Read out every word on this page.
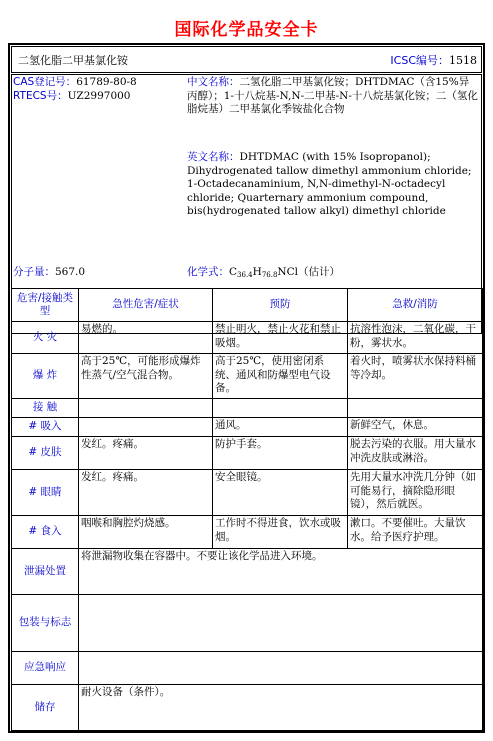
国际化学品安全卡
二氢化脂二甲基氯化铵	ICSC编号：1518
CAS登记号：61789-80-8
RTECS号：UZ2997000
中文名称：二氢化脂二甲基氯化铵；DHTDMAC（含15%异丙醇）；1-十八烷基-N,N-二甲基-N-十八烷基氯化铵；二（氢化脂烷基）二甲基氯化季铵盐化合物
英文名称：DHTDMAC (with 15% Isopropanol); Dihydrogenated tallow dimethyl ammonium chloride; 1-Octadecanaminium, N,N-dimethyl-N-octadecyl chloride; Quarternary ammonium compound, bis(hydrogenated tallow alkyl) dimethyl chloride
分子量：567.0	化学式：$C_{36.4}H_{76.8}NCl$（估计）
危害/接触类型	急性危害/症状	预防	急救/消防
火 灾	易燃的。	禁止明火，禁止火花和禁止吸烟。	抗溶性泡沫，二氧化碳，干粉，雾状水。
爆 炸	高于25℃，可能形成爆炸性蒸气/空气混合物。	高于25℃，使用密闭系统、通风和防爆型电气设备。	着火时，喷雾状水保持料桶等冷却。
接 触			
# 吸入		通风。	新鲜空气，休息。
# 皮肤	发红。疼痛。	防护手套。	脱去污染的衣服。用大量水冲洗皮肤或淋浴。
# 眼睛	发红。疼痛。	安全眼镜。	先用大量水冲洗几分钟（如可能易行，摘除隐形眼镜），然后就医。
# 食入	咽喉和胸腔灼烧感。	工作时不得进食，饮水或吸烟。	漱口。不要催吐。大量饮水。给予医疗护理。
泄漏处置	将泄漏物收集在容器中。不要让该化学品进入环境。		
包装与标志			
应急响应			
储存	耐火设备（条件）。		
